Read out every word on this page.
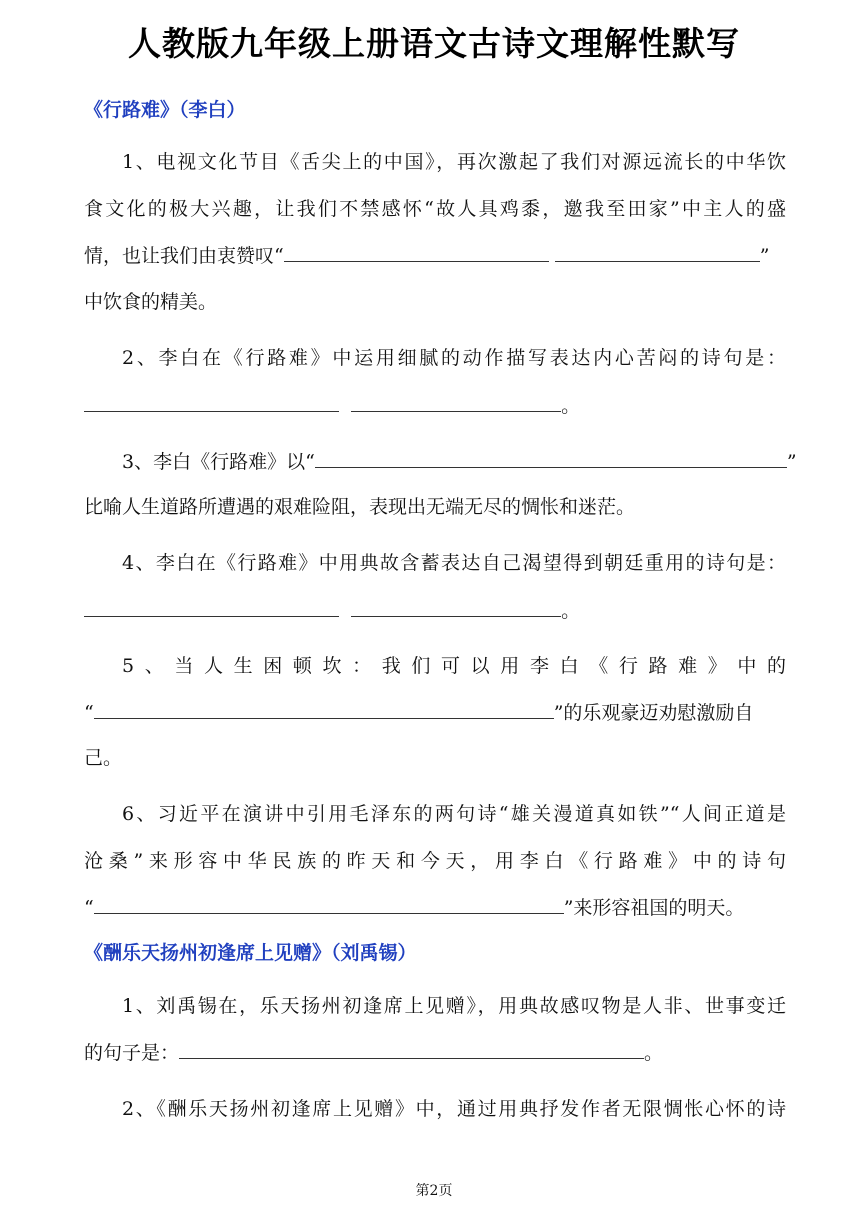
人教版九年级上册语文古诗文理解性默写
《行路难》（李白）
1、电视文化节目《舌尖上的中国》，再次激起了我们对源远流长的中华饮
食文化的极大兴趣，让我们不禁感怀“故人具鸡黍，邀我至田家”中主人的盛
情，也让我们由衷赞叹“	”
中饮食的精美。
2、李白在《行路难》中运用细腻的动作描写表达内心苦闷的诗句是：
。
3、李白《行路难》以“	”
比喻人生道路所遭遇的艰难险阻，表现出无端无尽的惆怅和迷茫。
4、李白在《行路难》中用典故含蓄表达自己渴望得到朝廷重用的诗句是：
。
5、当人生困顿坎：我们可以用李白《行路难》中的
“	”的乐观豪迈劝慰激励自
己。
6、习近平在演讲中引用毛泽东的两句诗“雄关漫道真如铁”“人间正道是
沧桑”来形容中华民族的昨天和今天，用李白《行路难》中的诗句
“	”来形容祖国的明天。
《酬乐天扬州初逢席上见赠》（刘禹锡）
1、刘禹锡在，乐天扬州初逢席上见赠》，用典故感叹物是人非、世事变迁
的句子是：	。
2、《酬乐天扬州初逢席上见赠》中，通过用典抒发作者无限惆怅心怀的诗
第2页
